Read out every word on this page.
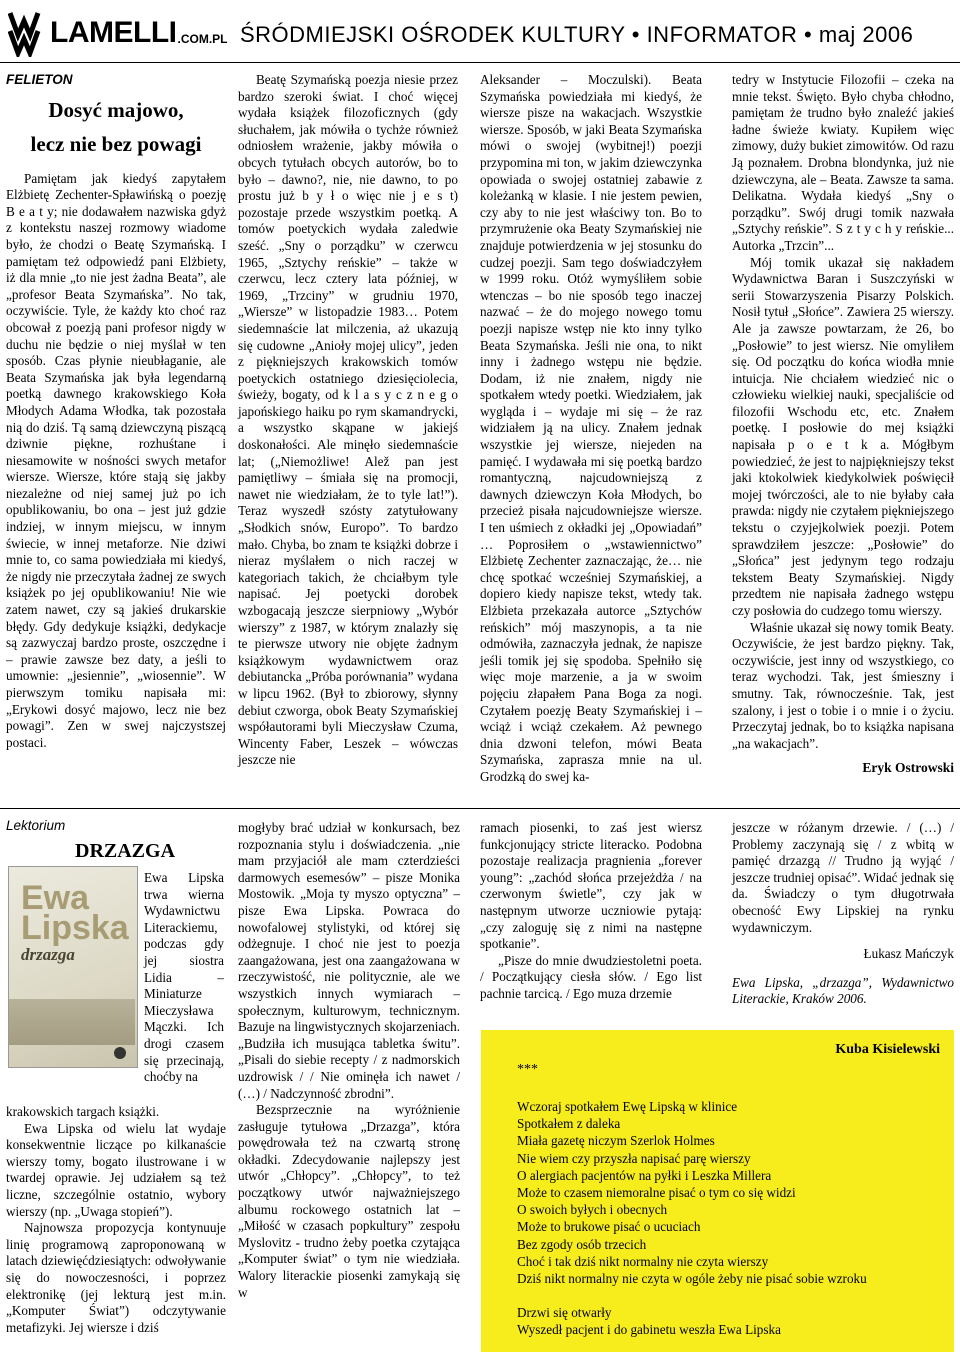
LAMELLI .COM.PL ŚRÓDMIEJSKI OŚRODEK KULTURY • INFORMATOR • maj 2006
FELIETON
Dosyć majowo,
lecz nie bez powagi

Pamiętam jak kiedyś zapytałem Elżbietę Zechenter-Spławińską o poezję B e a t y; nie dodawałem nazwiska gdyż z kontekstu naszej rozmowy wiadome było, że chodzi o Beatę Szymańską. I pamiętam też odpowiedź pani Elżbiety, iż dla mnie „to nie jest żadna Beata”, ale „profesor Beata Szymańska”. No tak, oczywiście. Tyle, że każdy kto choć raz obcował z poezją pani profesor nigdy w duchu nie będzie o niej myślał w ten sposób. Czas płynie nieubłaganie, ale Beata Szymańska jak była legendarną poetką dawnego krakowskiego Koła Młodych Adama Włodka, tak pozostała nią do dziś. Tą samą dziewczyną piszącą dziwnie piękne, rozhuśtane i niesamowite w nośności swych metafor wiersze. Wiersze, które stają się jakby niezależne od niej samej już po ich opublikowaniu, bo ona – jest już gdzie indziej, w innym miejscu, w innym świecie, w innej metaforze. Nie dziwi mnie to, co sama powiedziała mi kiedyś, że nigdy nie przeczytała żadnej ze swych książek po jej opublikowaniu! Nie wie zatem nawet, czy są jakieś drukarskie błędy. Gdy dedykuje książki, dedykacje są zazwyczaj bardzo proste, oszczędne i – prawie zawsze bez daty, a jeśli to umownie: „jesiennie”, „wiosennie”. W pierwszym tomiku napisała mi: „Erykowi dosyć majowo, lecz nie bez powagi”. Zen w swej najczystszej postaci.

Beatę Szymańską poezja niesie przez bardzo szeroki świat. I choć więcej wydała książek filozoficznych (gdy słuchałem, jak mówiła o tychże również odniosłem wrażenie, jakby mówiła o obcych tytułach obcych autorów, bo to było – dawno?, nie, nie dawno, to po prostu już b y ł o więc nie j e s t) pozostaje przede wszystkim poetką. A tomów poetyckich wydała zaledwie sześć. „Sny o porządku” w czerwcu 1965, „Sztychy reńskie” – także w czerwcu, lecz cztery lata później, w 1969, „Trzciny” w grudniu 1970, „Wiersze” w listopadzie 1983… Potem siedemnaście lat milczenia, aż ukazują się cudowne „Anioły mojej ulicy”, jeden z piękniejszych krakowskich tomów poetyckich ostatniego dziesięciolecia, świeży, bogaty, od k l a s y c z n e g o japońskiego haiku po rym skamandrycki, a wszystko skąpane w jakiejś doskonałości. Ale minęło siedemnaście lat; („Niemożliwe! Alež pan jest pamiętliwy – śmiała się na promocji, nawet nie wiedziałam, że to tyle lat!”). Teraz wyszedł szósty zatytułowany „Słodkich snów, Europo”. To bardzo mało. Chyba, bo znam te książki dobrze i nieraz myślałem o nich raczej w kategoriach takich, że chciałbym tyle napisać. Jej poetycki dorobek wzbogacają jeszcze sierpniowy „Wybór wierszy” z 1987, w którym znalazły się te pierwsze utwory nie objęte żadnym książkowym wydawnictwem oraz debiutancka „Próba porównania” wydana w lipcu 1962. (Był to zbiorowy, słynny debiut czworga, obok Beaty Szymańskiej współautorami byli Mieczysław Czuma, Wincenty Faber, Leszek – wówczas jeszcze nie

Aleksander – Moczulski). Beata Szymańska powiedziała mi kiedyś, że wiersze pisze na wakacjach. Wszystkie wiersze. Sposób, w jaki Beata Szymańska mówi o swojej (wybitnej!) poezji przypomina mi ton, w jakim dziewczynka opowiada o swojej ostatniej zabawie z koleżanką w klasie. I nie jestem pewien, czy aby to nie jest właściwy ton. Bo to przymrużenie oka Beaty Szymańskiej nie znajduje potwierdzenia w jej stosunku do cudzej poezji. Sam tego doświadczyłem w 1999 roku. Otóż wymyśliłem sobie wtenczas – bo nie sposób tego inaczej nazwać – że do mojego nowego tomu poezji napisze wstęp nie kto inny tylko Beata Szymańska. Jeśli nie ona, to nikt inny i żadnego wstępu nie będzie. Dodam, iż nie znałem, nigdy nie spotkałem wtedy poetki. Wiedziałem, jak wygląda i – wydaje mi się – że raz widziałem ją na ulicy. Znałem jednak wszystkie jej wiersze, niejeden na pamięć. I wydawała mi się poetką bardzo romantyczną, najcudowniejszą z dawnych dziewczyn Koła Młodych, bo przecież pisała najcudowniejsze wiersze. I ten uśmiech z okładki jej „Opowiadań” … Poprosiłem o „wstawiennictwo” Elżbietę Zechenter zaznaczając, że… nie chcę spotkać wcześniej Szymańskiej, a dopiero kiedy napisze tekst, wtedy tak. Elżbieta przekazała autorce „Sztychów reńskich” mój maszynopis, a ta nie odmówiła, zaznaczyła jednak, że napisze jeśli tomik jej się spodoba. Spełniło się więc moje marzenie, a ja w swoim pojęciu złapałem Pana Boga za nogi. Czytałem poezję Beaty Szymańskiej i – wciąż i wciąż czekałem. Aż pewnego dnia dzwoni telefon, mówi Beata Szymańska, zaprasza mnie na ul. Grodzką do swej ka-

tedry w Instytucie Filozofii – czeka na mnie tekst. Święto. Było chyba chłodno, pamiętam że trudno było znaleźć jakieś ładne świeże kwiaty. Kupiłem więc zimowy, duży bukiet zimowitów. Od razu Ją poznałem. Drobna blondynka, już nie dziewczyna, ale – Beata. Zawsze ta sama. Delikatna. Wydała kiedyś „Sny o porządku”. Swój drugi tomik nazwała „Sztychy reńskie”. S z t y c h y reńskie... Autorka „Trzcin”...

Mój tomik ukazał się nakładem Wydawnictwa Baran i Suszczyński w serii Stowarzyszenia Pisarzy Polskich. Nosił tytuł „Słońce”. Zawiera 25 wierszy. Ale ja zawsze powtarzam, że 26, bo „Posłowie” to jest wiersz. Nie omyliłem się. Od początku do końca wiodła mnie intuicja. Nie chciałem wiedzieć nic o człowieku wielkiej nauki, specjaliście od filozofii Wschodu etc, etc. Znałem poetkę. I posłowie do mej książki napisała p o e t k a. Mógłbym powiedzieć, że jest to najpiękniejszy tekst jaki ktokolwiek kiedykolwiek poświęcił mojej twórczości, ale to nie byłaby cała prawda: nigdy nie czytałem piękniejszego tekstu o czyjejkolwiek poezji. Potem sprawdziłem jeszcze: „Posłowie” do „Słońca” jest jedynym tego rodzaju tekstem Beaty Szymańskiej. Nigdy przedtem nie napisała żadnego wstępu czy posłowia do cudzego tomu wierszy.

Właśnie ukazał się nowy tomik Beaty. Oczywiście, że jest bardzo piękny. Tak, oczywiście, jest inny od wszystkiego, co teraz wychodzi. Tak, jest śmieszny i smutny. Tak, równocześnie. Tak, jest szalony, i jest o tobie i o mnie i o życiu. Przeczytaj jednak, bo to książka napisana „na wakacjach”.

Eryk Ostrowski
Lektorium
DRZAZGA
Ewa Lipska
drzazga

Ewa Lipska trwa wierna Wydawnictwu Literackiemu, podczas gdy jej siostra Lidia – Miniaturze Mieczysława Mączki. Ich drogi czasem się przecinają, choćby na

krakowskich targach książki.

Ewa Lipska od wielu lat wydaje konsekwentnie liczące po kilkanaście wierszy tomy, bogato ilustrowane i w twardej oprawie. Jej udziałem są też liczne, szczególnie ostatnio, wybory wierszy (np. „Uwaga stopień”).

Najnowsza propozycja kontynuuje linię programową zaproponowaną w latach dziewięćdziesiątych: odwoływanie się do nowoczesności, i poprzez elektronikę (jej lekturą jest m.in. „Komputer Świat”) odczytywanie metafizyki. Jej wiersze i dziś

mogłyby brać udział w konkursach, bez rozpoznania stylu i doświadczenia. „nie mam przyjaciół ale mam czterdzieści darmowych esemesów” – pisze Monika Mostowik. „Moja ty myszo optyczna” – pisze Ewa Lipska. Powraca do nowofalowej stylistyki, od której się odżegnuje. I choć nie jest to poezja zaangażowana, jest ona zaangażowana w rzeczywistość, nie politycznie, ale we wszystkich innych wymiarach – społecznym, kulturowym, technicznym. Bazuje na lingwistycznych skojarzeniach. „Budziła ich musująca tabletka świtu”. „Pisali do siebie recepty / z nadmorskich uzdrowisk / / Nie ominęła ich nawet / (…) / Nadczynność zbrodni”.

Bezsprzecznie na wyróżnienie zasługuje tytułowa „Drzazga”, która powędrowała też na czwartą stronę okładki. Zdecydowanie najlepszy jest utwór „Chłopcy”. „Chłopcy”, to też początkowy utwór najważniejszego albumu rockowego ostatnich lat – „Miłość w czasach popkultury” zespołu Myslovitz - trudno żeby poetka czytająca „Komputer świat” o tym nie wiedziała. Walory literackie piosenki zamykają się w

ramach piosenki, to zaś jest wiersz funkcjonujący stricte literacko. Podobna pozostaje realizacja pragnienia „forever young”: „zachód słońca przejeżdża / na czerwonym świetle”, czy jak w następnym utworze uczniowie pytają: „czy zaloguję się z nimi na następne spotkanie”.

„Pisze do mnie dwudziestoletni poeta. / Początkujący ciesła słów. / Ego list pachnie tarcicą. / Ego muza drzemie

jeszcze w różanym drzewie. / (…) / Problemy zaczynają się / z wbitą w pamięć drzazgą // Trudno ją wyjąć / jeszcze trudniej opisać”. Widać jednak się da. Świadczy o tym długotrwała obecność Ewy Lipskiej na rynku wydawniczym.

Łukasz Mańczyk

Ewa Lipska, „drzazga”, Wydawnictwo Literackie, Kraków 2006.

Kuba Kisielewski
***
Wczoraj spotkałem Ewę Lipską w klinice
Spotkałem z daleka
Miała gazetę niczym Szerlok Holmes
Nie wiem czy przyszła napisać parę wierszy
O alergiach pacjentów na pyłki i Leszka Millera
Może to czasem niemoralne pisać o tym co się widzi
O swoich byłych i obecnych
Może to brukowe pisać o ucuciach
Bez zgody osób trzecich
Choć i tak dziś nikt normalny nie czyta wierszy
Dziś nikt normalny nie czyta w ogóle żeby nie pisać sobie wzroku
Drzwi się otwarły
Wyszedł pacjent i do gabinetu weszła Ewa Lipska
